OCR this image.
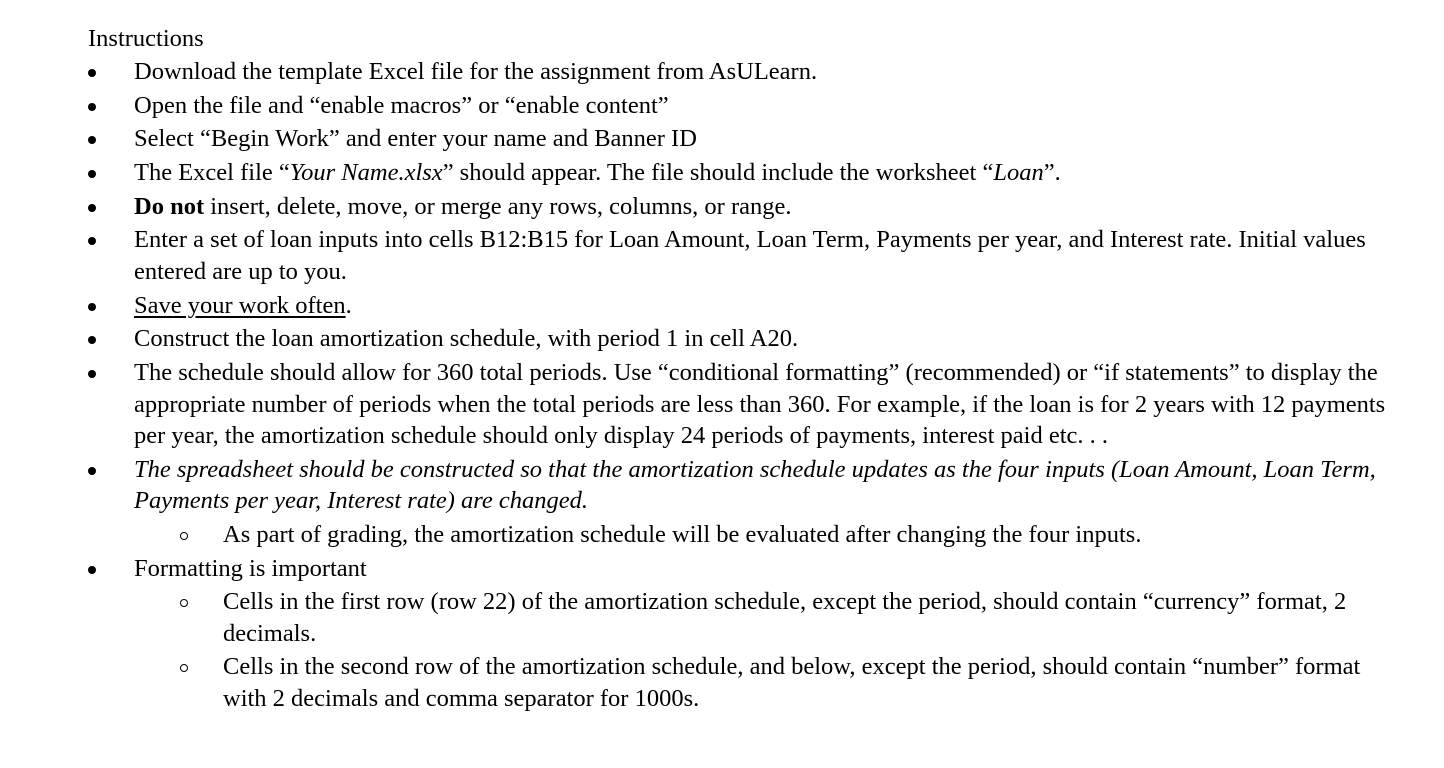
Instructions
Download the template Excel file for the assignment from AsULearn.
Open the file and “enable macros” or “enable content”
Select “Begin Work” and enter your name and Banner ID
The Excel file “Your Name.xlsx” should appear. The file should include the worksheet “Loan”.
Do not insert, delete, move, or merge any rows, columns, or range.
Enter a set of loan inputs into cells B12:B15 for Loan Amount, Loan Term, Payments per year, and Interest rate. Initial values entered are up to you.
Save your work often.
Construct the loan amortization schedule, with period 1 in cell A20.
The schedule should allow for 360 total periods. Use “conditional formatting” (recommended) or “if statements” to display the appropriate number of periods when the total periods are less than 360. For example, if the loan is for 2 years with 12 payments per year, the amortization schedule should only display 24 periods of payments, interest paid etc. . .
The spreadsheet should be constructed so that the amortization schedule updates as the four inputs (Loan Amount, Loan Term, Payments per year, Interest rate) are changed.
As part of grading, the amortization schedule will be evaluated after changing the four inputs.
Formatting is important
Cells in the first row (row 22) of the amortization schedule, except the period, should contain “currency” format, 2 decimals.
Cells in the second row of the amortization schedule, and below, except the period, should contain “number” format with 2 decimals and comma separator for 1000s.
